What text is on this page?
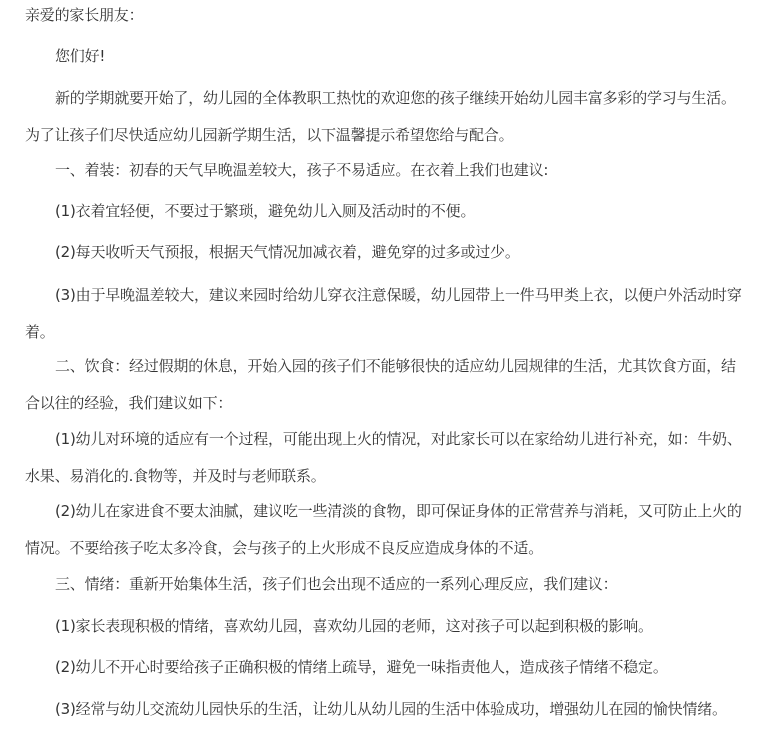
亲爱的家长朋友：

您们好!

新的学期就要开始了，幼儿园的全体教职工热忱的欢迎您的孩子继续开始幼儿园丰富多彩的学习与生活。为了让孩子们尽快适应幼儿园新学期生活，以下温馨提示希望您给与配合。

一、着装：初春的天气早晚温差较大，孩子不易适应。在衣着上我们也建议:

(1)衣着宜轻便，不要过于繁琐，避免幼儿入厕及活动时的不便。

(2)每天收听天气预报，根据天气情况加减衣着，避免穿的过多或过少。

(3)由于早晚温差较大，建议来园时给幼儿穿衣注意保暖，幼儿园带上一件马甲类上衣，以便户外活动时穿着。

二、饮食：经过假期的休息，开始入园的孩子们不能够很快的适应幼儿园规律的生活，尤其饮食方面，结合以往的经验，我们建议如下：

(1)幼儿对环境的适应有一个过程，可能出现上火的情况，对此家长可以在家给幼儿进行补充，如：牛奶、水果、易消化的.食物等，并及时与老师联系。

(2)幼儿在家进食不要太油腻，建议吃一些清淡的食物，即可保证身体的正常营养与消耗，又可防止上火的情况。不要给孩子吃太多冷食，会与孩子的上火形成不良反应造成身体的不适。

三、情绪：重新开始集体生活，孩子们也会出现不适应的一系列心理反应，我们建议：

(1)家长表现积极的情绪，喜欢幼儿园，喜欢幼儿园的老师，这对孩子可以起到积极的影响。

(2)幼儿不开心时要给孩子正确积极的情绪上疏导，避免一味指责他人，造成孩子情绪不稳定。

(3)经常与幼儿交流幼儿园快乐的生活，让幼儿从幼儿园的生活中体验成功，增强幼儿在园的愉快情绪。
